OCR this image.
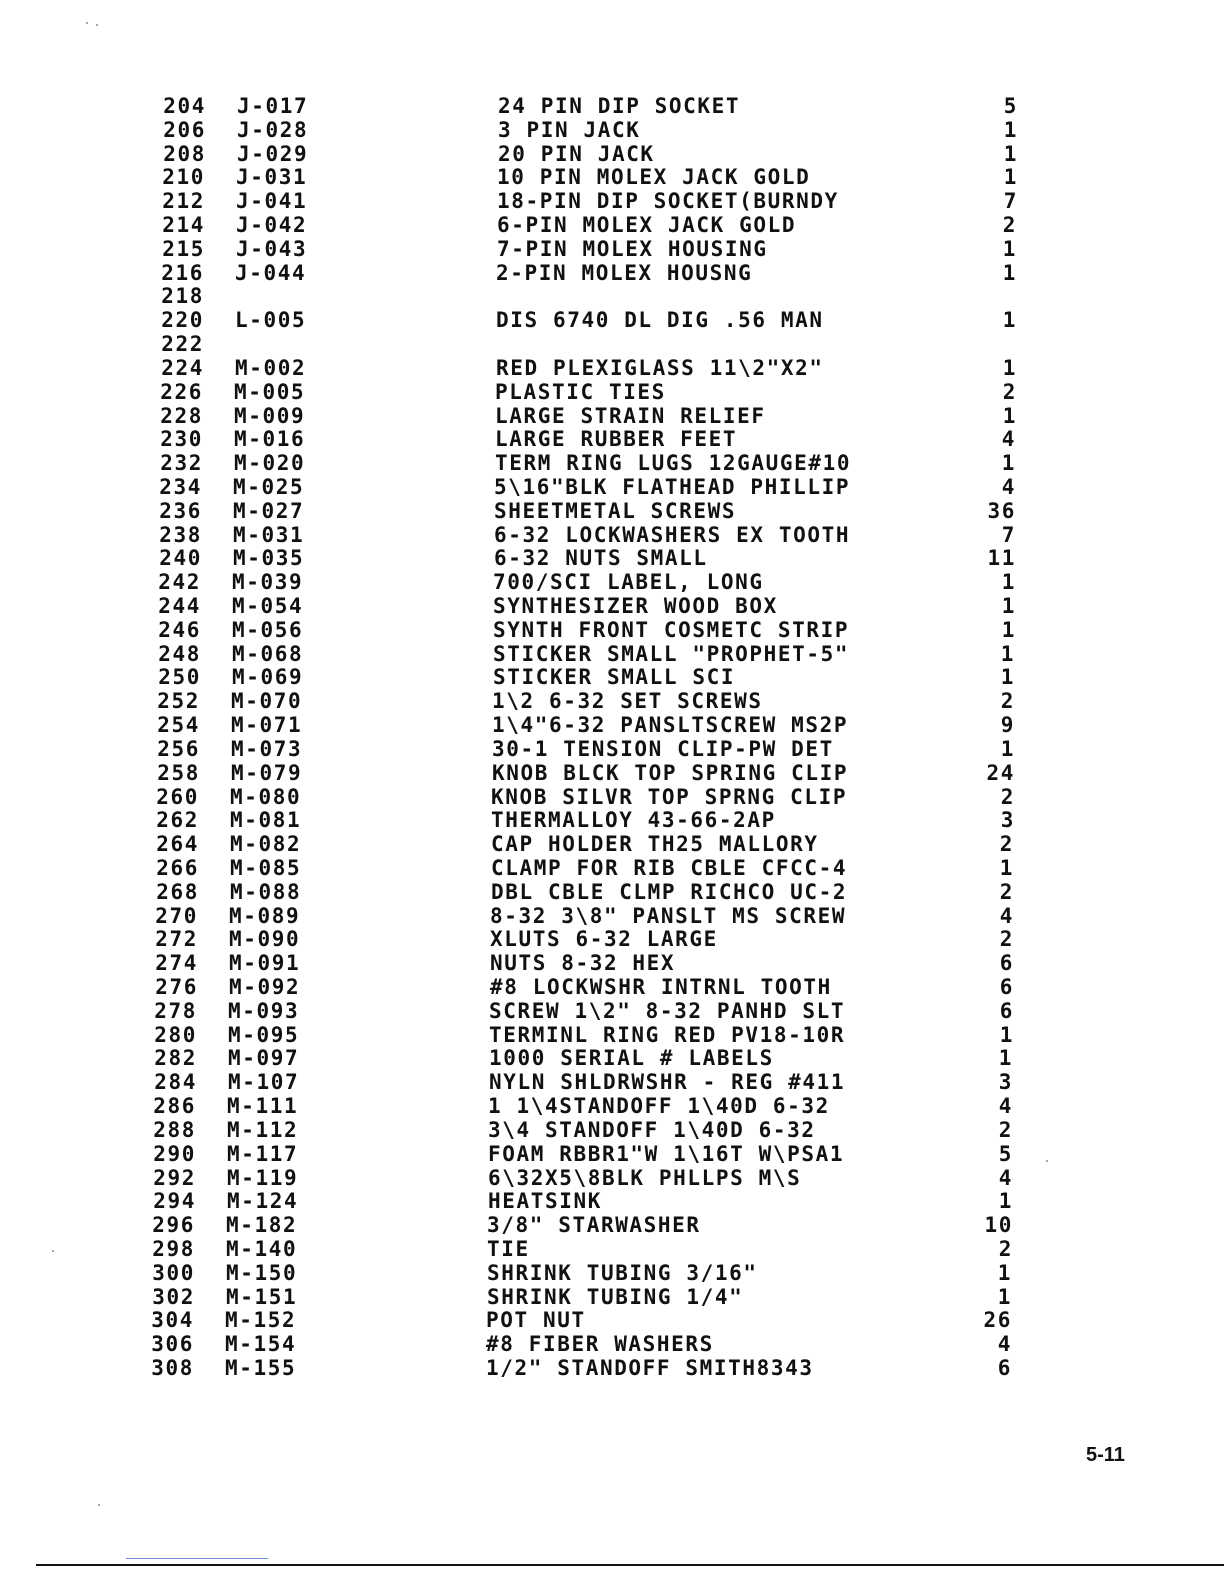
204 J-017	24 PIN DIP SOCKET	5
206 J-028	3 PIN JACK	1
208 J-029	20 PIN JACK	1
210 J-031	10 PIN MOLEX JACK GOLD	1
212 J-041	18-PIN DIP SOCKET(BURNDY	7
214 J-042	6-PIN MOLEX JACK GOLD	2
215 J-043	7-PIN MOLEX HOUSING	1
216 J-044	2-PIN MOLEX HOUSNG	1
218
220 L-005	DIS 6740 DL DIG .56 MAN	1
222
224 M-002	RED PLEXIGLASS 11\2"X2"	1
226 M-005	PLASTIC TIES	2
228 M-009	LARGE STRAIN RELIEF	1
230 M-016	LARGE RUBBER FEET	4
232 M-020	TERM RING LUGS 12GAUGE#10	1
234 M-025	5\16"BLK FLATHEAD PHILLIP	4
236 M-027	SHEETMETAL SCREWS	36
238 M-031	6-32 LOCKWASHERS EX TOOTH	7
240 M-035	6-32 NUTS SMALL	11
242 M-039	700/SCI LABEL, LONG	1
244 M-054	SYNTHESIZER WOOD BOX	1
246 M-056	SYNTH FRONT COSMETC STRIP	1
248 M-068	STICKER SMALL "PROPHET-5"	1
250 M-069	STICKER SMALL SCI	1
252 M-070	1\2 6-32 SET SCREWS	2
254 M-071	1\4"6-32 PANSLTSCREW MS2P	9
256 M-073	30-1 TENSION CLIP-PW DET	1
258 M-079	KNOB BLCK TOP SPRING CLIP	24
260 M-080	KNOB SILVR TOP SPRNG CLIP	2
262 M-081	THERMALLOY 43-66-2AP	3
264 M-082	CAP HOLDER TH25 MALLORY	2
266 M-085	CLAMP FOR RIB CBLE CFCC-4	1
268 M-088	DBL CBLE CLMP RICHCO UC-2	2
270 M-089	8-32 3\8" PANSLT MS SCREW	4
272 M-090	XLUTS 6-32 LARGE	2
274 M-091	NUTS 8-32 HEX	6
276 M-092	#8 LOCKWSHR INTRNL TOOTH	6
278 M-093	SCREW 1\2" 8-32 PANHD SLT	6
280 M-095	TERMINL RING RED PV18-10R	1
282 M-097	1000 SERIAL # LABELS	1
284 M-107	NYLN SHLDRWSHR - REG #411	3
286 M-111	1 1\4STANDOFF 1\40D 6-32	4
288 M-112	3\4 STANDOFF 1\40D 6-32	2
290 M-117	FOAM RBBR1"W 1\16T W\PSA1	5
292 M-119	6\32X5\8BLK PHLLPS M\S	4
294 M-124	HEATSINK	1
296 M-182	3/8" STARWASHER	10
298 M-140	TIE	2
300 M-150	SHRINK TUBING 3/16"	1
302 M-151	SHRINK TUBING 1/4"	1
304 M-152	POT NUT	26
306 M-154	#8 FIBER WASHERS	4
308 M-155	1/2" STANDOFF SMITH8343	6
5-11
